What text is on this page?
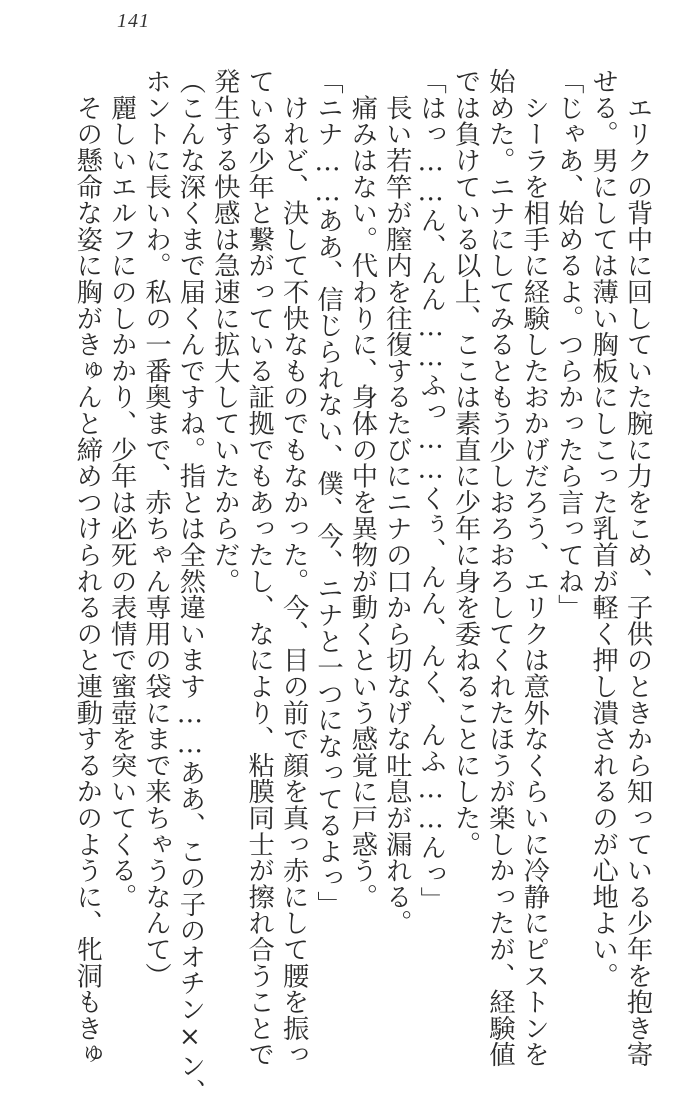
141
　エリクの背中に回していた腕に力をこめ、子供のときから知っている少年を抱き寄
せる。男にしては薄い胸板にしこった乳首が軽く押し潰されるのが心地よい。
「じゃあ、始めるよ。つらかったら言ってね」
　シーラを相手に経験したおかげだろう、エリクは意外なくらいに冷静にピストンを
始めた。ニナにしてみるともう少しおろおろしてくれたほうが楽しかったが、経験値
では負けている以上、ここは素直に少年に身を委ねることにした。
「はっ……ん、んん……ふっ……くぅ、んん、んく、んふ……んっ」
　長い若竿が膣内を往復するたびにニナの口から切なげな吐息が漏れる。
　痛みはない。代わりに、身体の中を異物が動くという感覚に戸惑う。
「ニナ……ああ、信じられない、僕、今、ニナと一つになってるよっ」
　けれど、決して不快なものでもなかった。今、目の前で顔を真っ赤にして腰を振っ
ている少年と繋がっている証拠でもあったし、なにより、粘膜同士が擦れ合うことで
発生する快感は急速に拡大していたからだ。
（こんな深くまで届くんですね。指とは全然違います……ああ、この子のオチン×ン、
ホントに長いわ。私の一番奥まで、赤ちゃん専用の袋にまで来ちゃうなんて）
　麗しいエルフにのしかかり、少年は必死の表情で蜜壺を突いてくる。
　その懸命な姿に胸がきゅんと締めつけられるのと連動するかのように、牝洞もきゅ
